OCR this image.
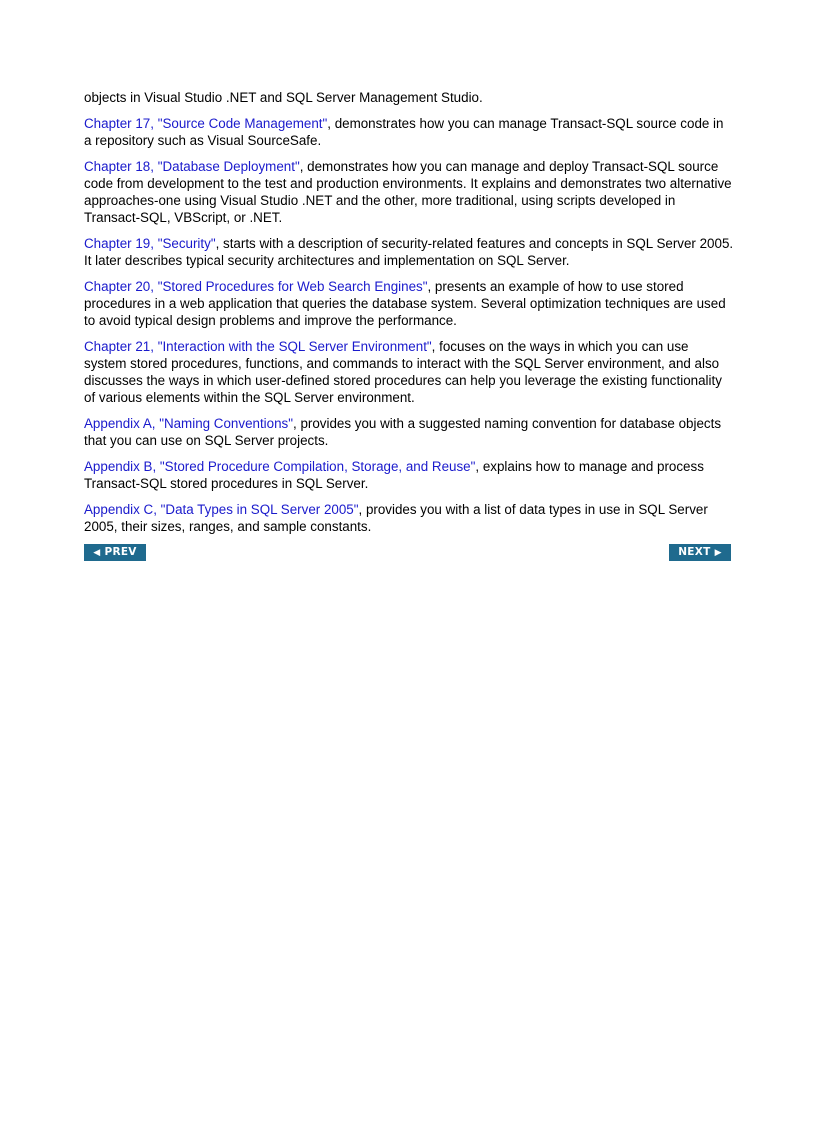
objects in Visual Studio .NET and SQL Server Management Studio.

Chapter 17, "Source Code Management", demonstrates how you can manage Transact-SQL source code in a repository such as Visual SourceSafe.

Chapter 18, "Database Deployment", demonstrates how you can manage and deploy Transact-SQL source code from development to the test and production environments. It explains and demonstrates two alternative approaches-one using Visual Studio .NET and the other, more traditional, using scripts developed in Transact-SQL, VBScript, or .NET.

Chapter 19, "Security", starts with a description of security-related features and concepts in SQL Server 2005. It later describes typical security architectures and implementation on SQL Server.

Chapter 20, "Stored Procedures for Web Search Engines", presents an example of how to use stored procedures in a web application that queries the database system. Several optimization techniques are used to avoid typical design problems and improve the performance.

Chapter 21, "Interaction with the SQL Server Environment", focuses on the ways in which you can use system stored procedures, functions, and commands to interact with the SQL Server environment, and also discusses the ways in which user-defined stored procedures can help you leverage the existing functionality of various elements within the SQL Server environment.

Appendix A, "Naming Conventions", provides you with a suggested naming convention for database objects that you can use on SQL Server projects.

Appendix B, "Stored Procedure Compilation, Storage, and Reuse", explains how to manage and process Transact-SQL stored procedures in SQL Server.

Appendix C, "Data Types in SQL Server 2005", provides you with a list of data types in use in SQL Server 2005, their sizes, ranges, and sample constants.

◀ PREV	NEXT ▶
